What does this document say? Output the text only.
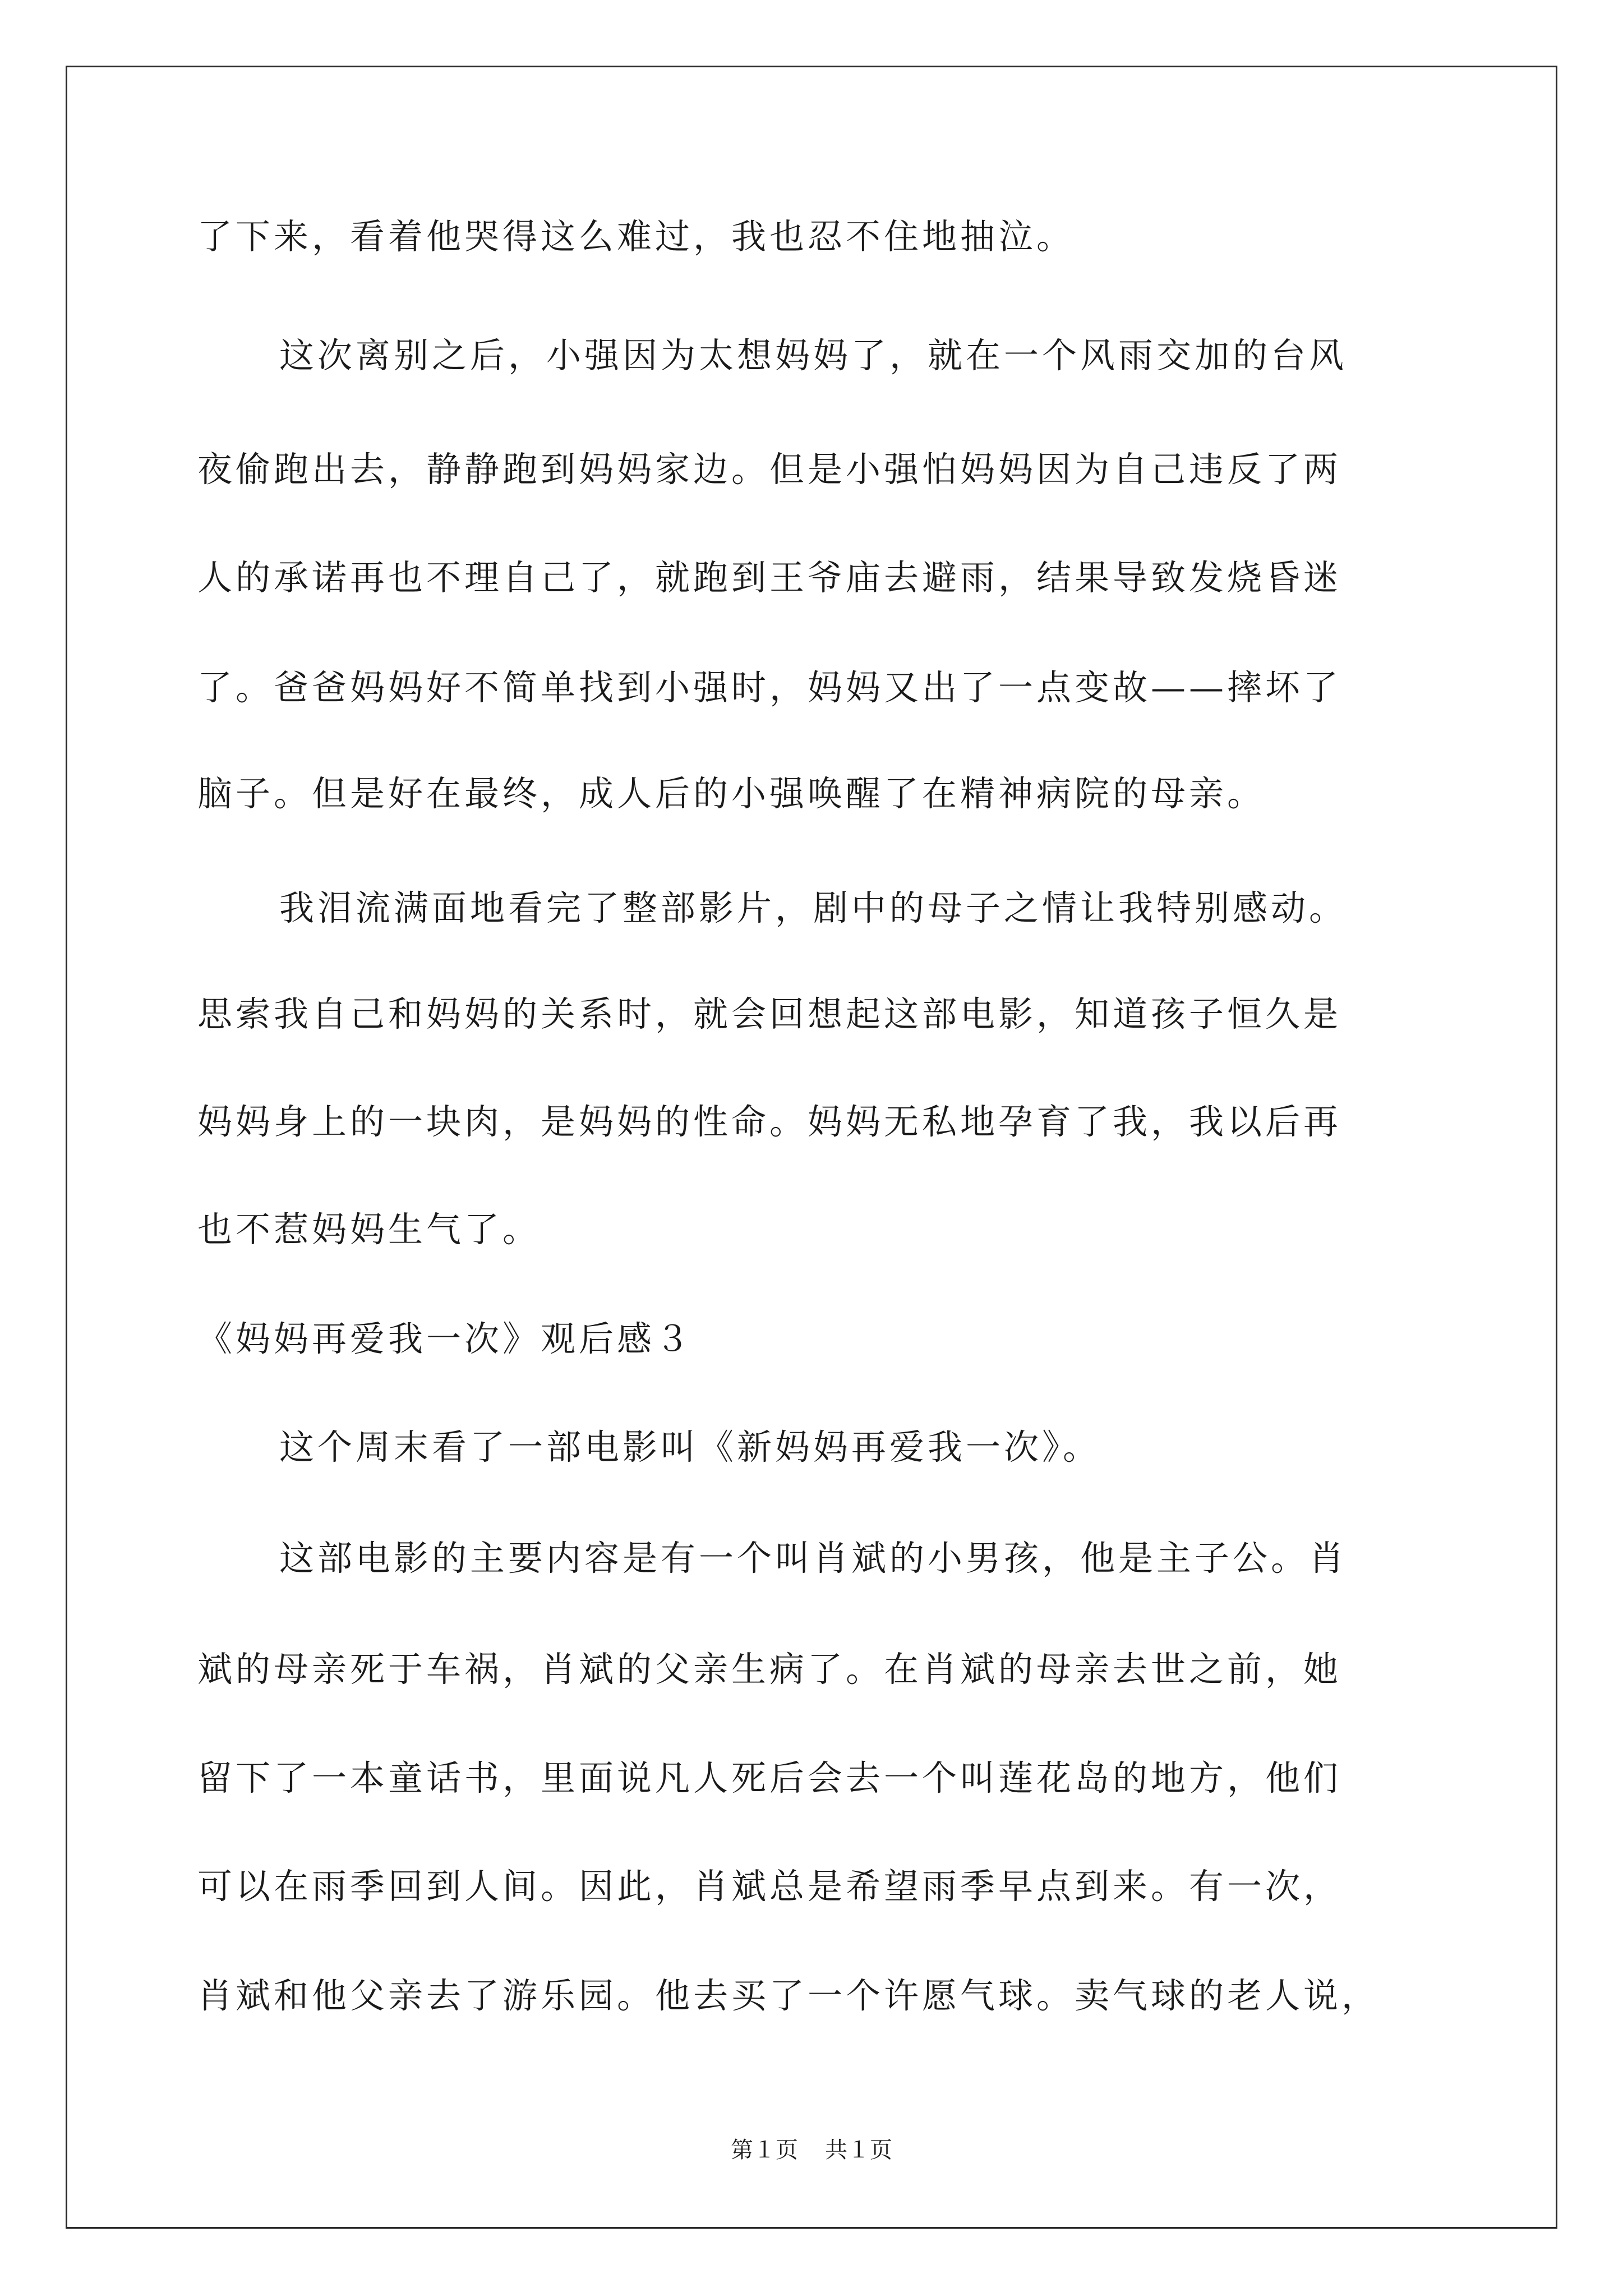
了下来，看着他哭得这么难过，我也忍不住地抽泣。
这次离别之后，小强因为太想妈妈了，就在一个风雨交加的台风
夜偷跑出去，静静跑到妈妈家边。但是小强怕妈妈因为自己违反了两
人的承诺再也不理自己了，就跑到王爷庙去避雨，结果导致发烧昏迷
了。爸爸妈妈好不简单找到小强时，妈妈又出了一点变故——摔坏了
脑子。但是好在最终，成人后的小强唤醒了在精神病院的母亲。
我泪流满面地看完了整部影片，剧中的母子之情让我特别感动。
思索我自己和妈妈的关系时，就会回想起这部电影，知道孩子恒久是
妈妈身上的一块肉，是妈妈的性命。妈妈无私地孕育了我，我以后再
也不惹妈妈生气了。
《妈妈再爱我一次》观后感３
这个周末看了一部电影叫《新妈妈再爱我一次》。
这部电影的主要内容是有一个叫肖斌的小男孩，他是主子公。肖
斌的母亲死于车祸，肖斌的父亲生病了。在肖斌的母亲去世之前，她
留下了一本童话书，里面说凡人死后会去一个叫莲花岛的地方，他们
可以在雨季回到人间。因此，肖斌总是希望雨季早点到来。有一次，
肖斌和他父亲去了游乐园。他去买了一个许愿气球。卖气球的老人说，
第１页 共１页
